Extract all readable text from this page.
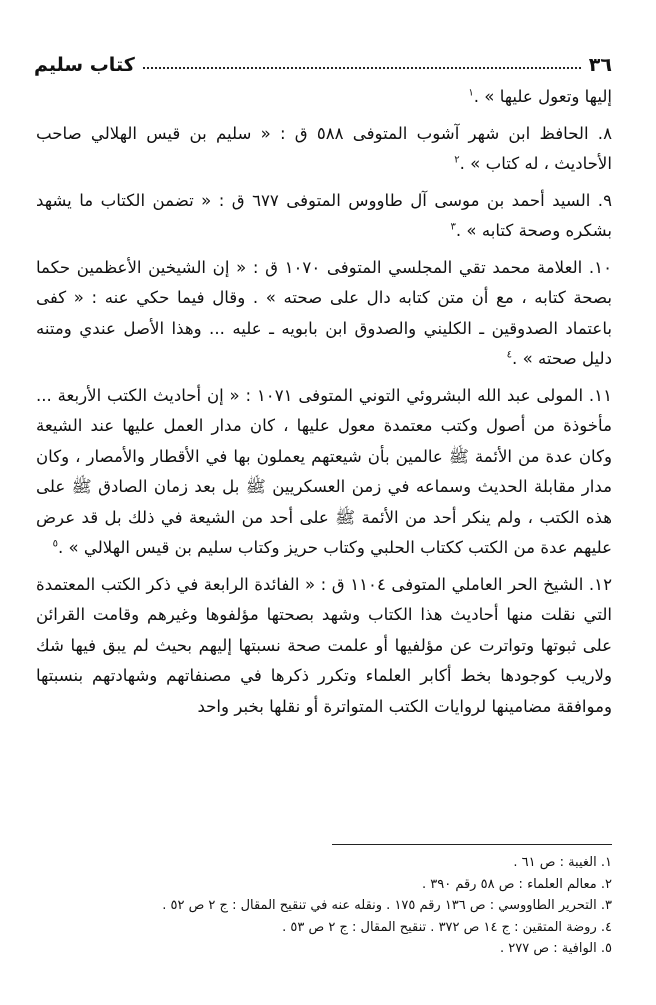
٣٦
كتاب سليم

إليها وتعول عليها » .$^١$

٨. الحافظ ابن شهر آشوب المتوفى ٥٨٨ ق : « سليم بن قيس الهلالي صاحب الأحاديث ، له كتاب » .$^٢$

٩. السيد أحمد بن موسى آل طاووس المتوفى ٦٧٧ ق : « تضمن الكتاب ما يشهد بشكره وصحة كتابه » .$^٣$

١٠. العلامة محمد تقي المجلسي المتوفى ١٠٧٠ ق : « إن الشيخين الأعظمين حكما بصحة كتابه ، مع أن متن كتابه دال على صحته » . وقال فيما حكي عنه : « كفى باعتماد الصدوقين ـ الكليني والصدوق ابن بابويه ـ عليه ... وهذا الأصل عندي ومتنه دليل صحته » .$^٤$

١١. المولى عبد الله البشروئي التوني المتوفى ١٠٧١ : « إن أحاديث الكتب الأربعة ... مأخوذة من أصول وكتب معتمدة معول عليها ، كان مدار العمل عليها عند الشيعة وكان عدة من الأئمة ﷺ عالمين بأن شيعتهم يعملون بها في الأقطار والأمصار ، وكان مدار مقابلة الحديث وسماعه في زمن العسكريين ﷺ بل بعد زمان الصادق ﷺ على هذه الكتب ، ولم ينكر أحد من الأئمة ﷺ على أحد من الشيعة في ذلك بل قد عرض عليهم عدة من الكتب ككتاب الحلبي وكتاب حريز وكتاب سليم بن قيس الهلالي » .$^٥$

١٢. الشيخ الحر العاملي المتوفى ١١٠٤ ق : « الفائدة الرابعة في ذكر الكتب المعتمدة التي نقلت منها أحاديث هذا الكتاب وشهد بصحتها مؤلفوها وغيرهم وقامت القرائن على ثبوتها وتواترت عن مؤلفيها أو علمت صحة نسبتها إليهم بحيث لم يبق فيها شك ولاريب كوجودها بخط أكابر العلماء وتكرر ذكرها في مصنفاتهم وشهادتهم بنسبتها وموافقة مضامينها لروايات الكتب المتواترة أو نقلها بخبر واحد

١. الغيبة : ص ٦١ .
٢. معالم العلماء : ص ٥٨ رقم ٣٩٠ .
٣. التحرير الطاووسي : ص ١٣٦ رقم ١٧٥ . ونقله عنه في تنقيح المقال : ج ٢ ص ٥٢ .
٤. روضة المتقين : ج ١٤ ص ٣٧٢ . تنقيح المقال : ج ٢ ص ٥٣ .
٥. الوافية : ص ٢٧٧ .
